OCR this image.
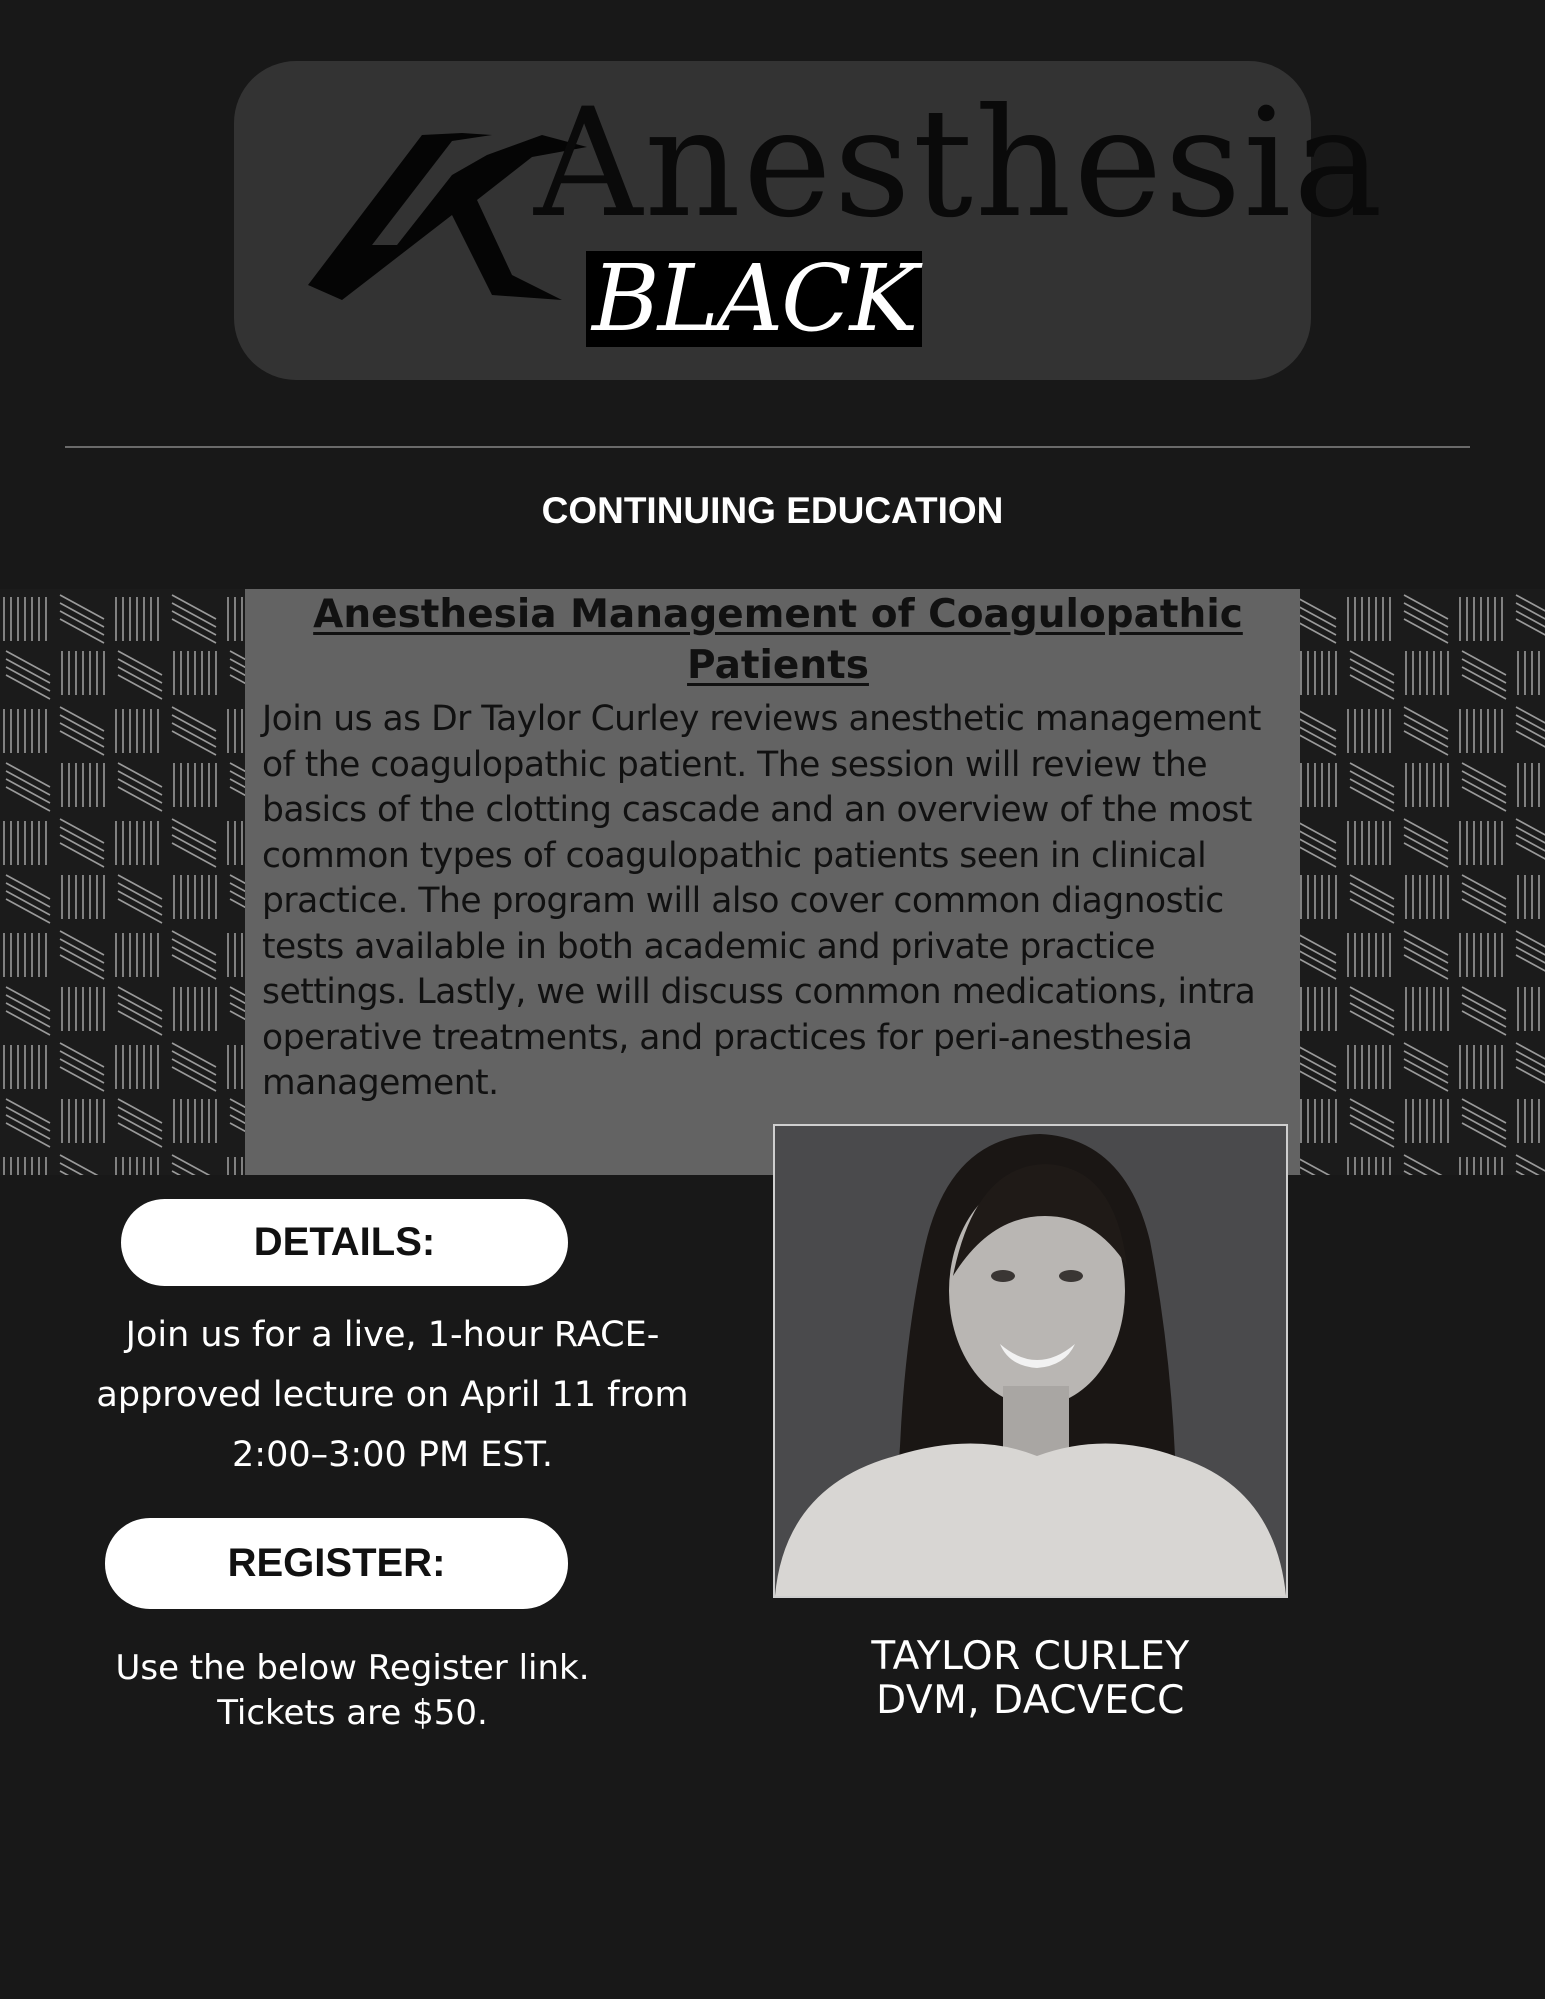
Anesthesia
BLACK
CONTINUING EDUCATION
Anesthesia Management of Coagulopathic Patients

Join us as Dr Taylor Curley reviews anesthetic management of the coagulopathic patient. The session will review the basics of the clotting cascade and an overview of the most common types of coagulopathic patients seen in clinical practice. The program will also cover common diagnostic tests available in both academic and private practice settings. Lastly, we will discuss common medications, intra operative treatments, and practices for peri-anesthesia management.

DETAILS:
Join us for a live, 1-hour RACE-approved lecture on April 11 from 2:00–3:00 PM EST.
REGISTER:
Use the below Register link.
Tickets are $50.
TAYLOR CURLEY
DVM, DACVECC
